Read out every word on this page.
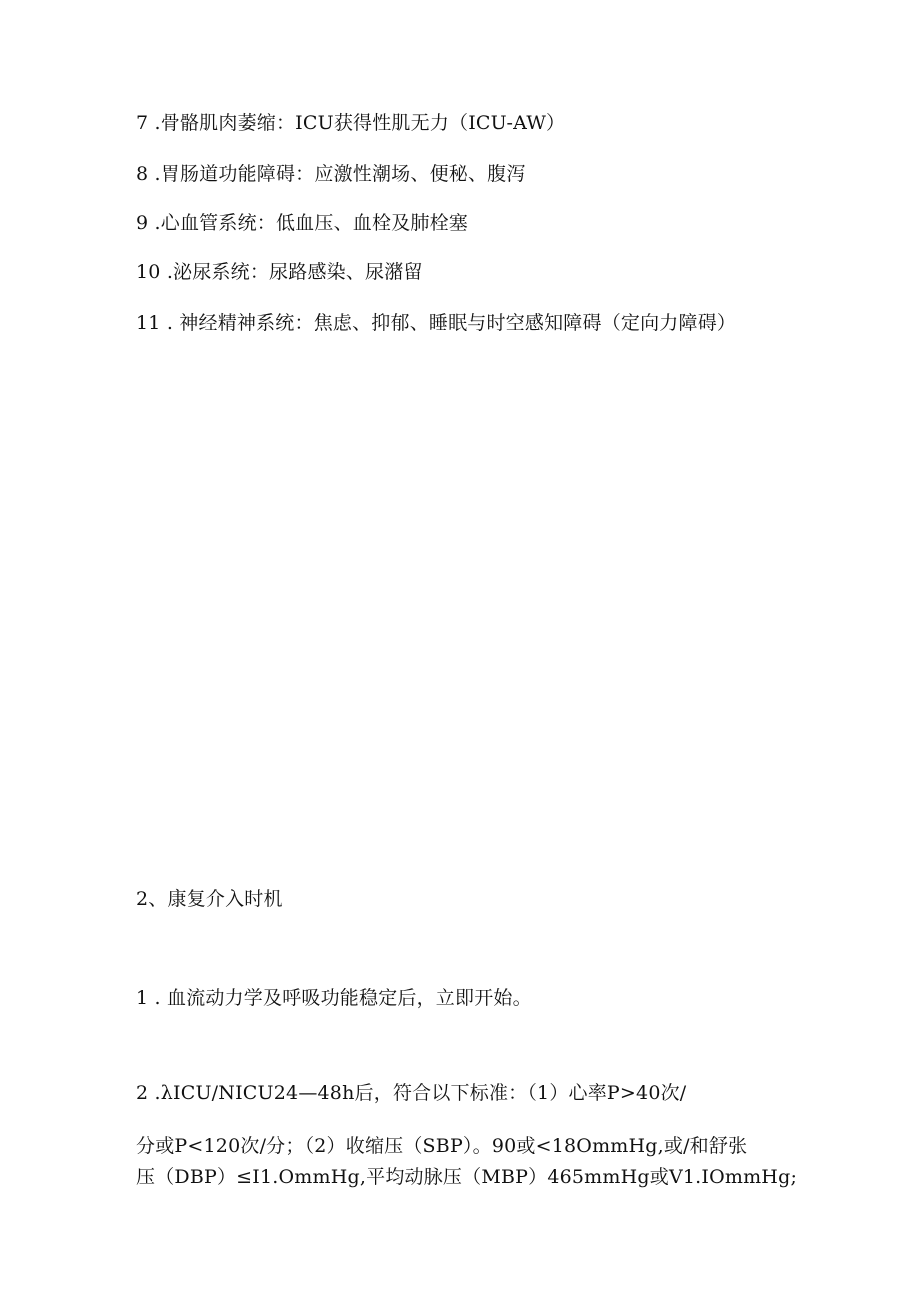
7 .骨骼肌肉萎缩：ICU获得性肌无力（ICU-AW）
8 .胃肠道功能障碍：应激性潮场、便秘、腹泻
9 .心血管系统：低血压、血栓及肺栓塞
10 .泌尿系统：尿路感染、尿潴留
11 . 神经精神系统：焦虑、抑郁、睡眠与时空感知障碍（定向力障碍）
2、康复介入时机
1 . 血流动力学及呼吸功能稳定后，立即开始。
2 .λICU/NICU24—48h后，符合以下标准：（1）心率P>40次/
分或P<120次/分；（2）收缩压（SBP）。90或<18OmmHg,或/和舒张
压（DBP）≤I1.OmmHg,平均动脉压（MBP）465mmHg或V1.IOmmHg;
